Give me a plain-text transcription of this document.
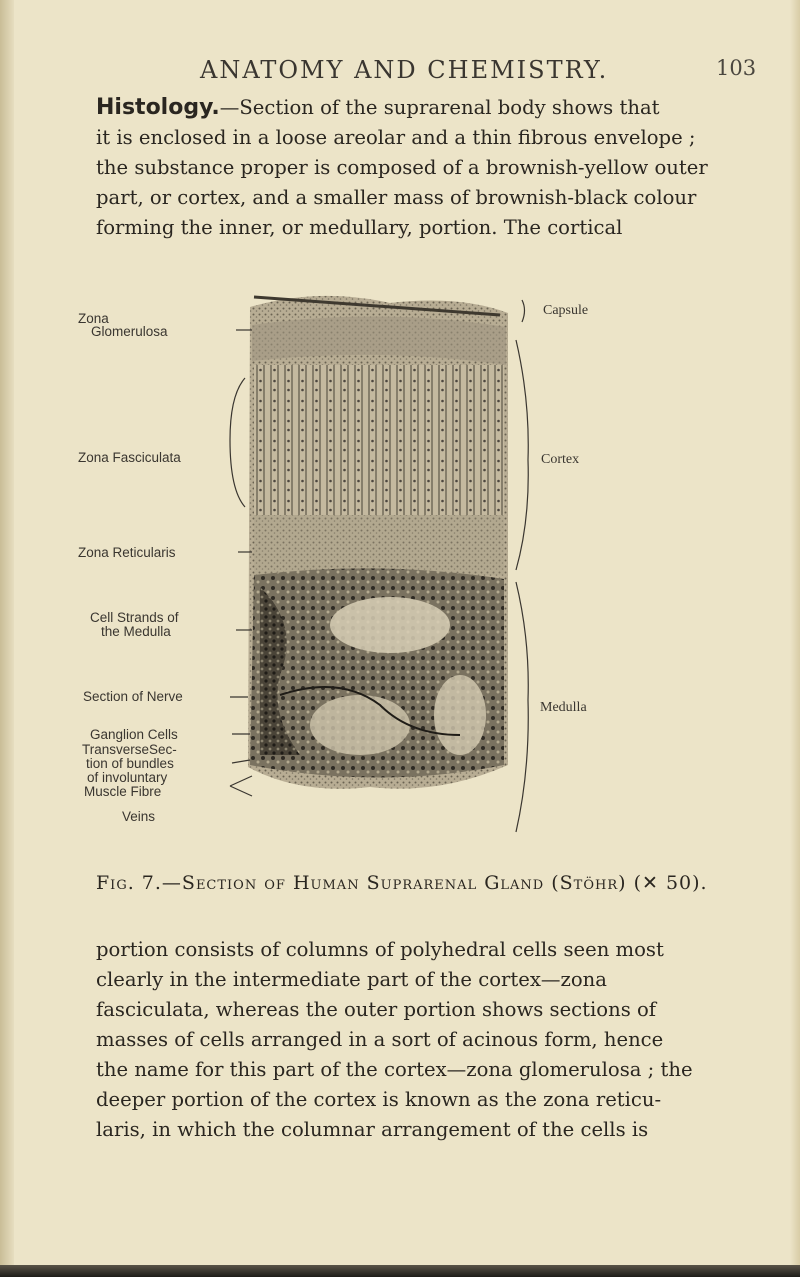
ANATOMY AND CHEMISTRY.	103
Histology.—Section of the suprarenal body shows that
it is enclosed in a loose areolar and a thin fibrous envelope ;
the substance proper is composed of a brownish-yellow outer
part, or cortex, and a smaller mass of brownish-black colour
forming the inner, or medullary, portion. The cortical
Zona
Glomerulosa
Zona Fasciculata
Zona Reticularis
Cell Strands of
the Medulla
Section of Nerve
Ganglion Cells
TransverseSec-
tion of bundles
of involuntary
Muscle Fibre
Veins
Capsule
Cortex
Medulla
Fig. 7.—Section of Human Suprarenal Gland (Stöhr) (✕ 50).
portion consists of columns of polyhedral cells seen most
clearly in the intermediate part of the cortex—zona
fasciculata, whereas the outer portion shows sections of
masses of cells arranged in a sort of acinous form, hence
the name for this part of the cortex—zona glomerulosa ; the
deeper portion of the cortex is known as the zona reticu-
laris, in which the columnar arrangement of the cells is
